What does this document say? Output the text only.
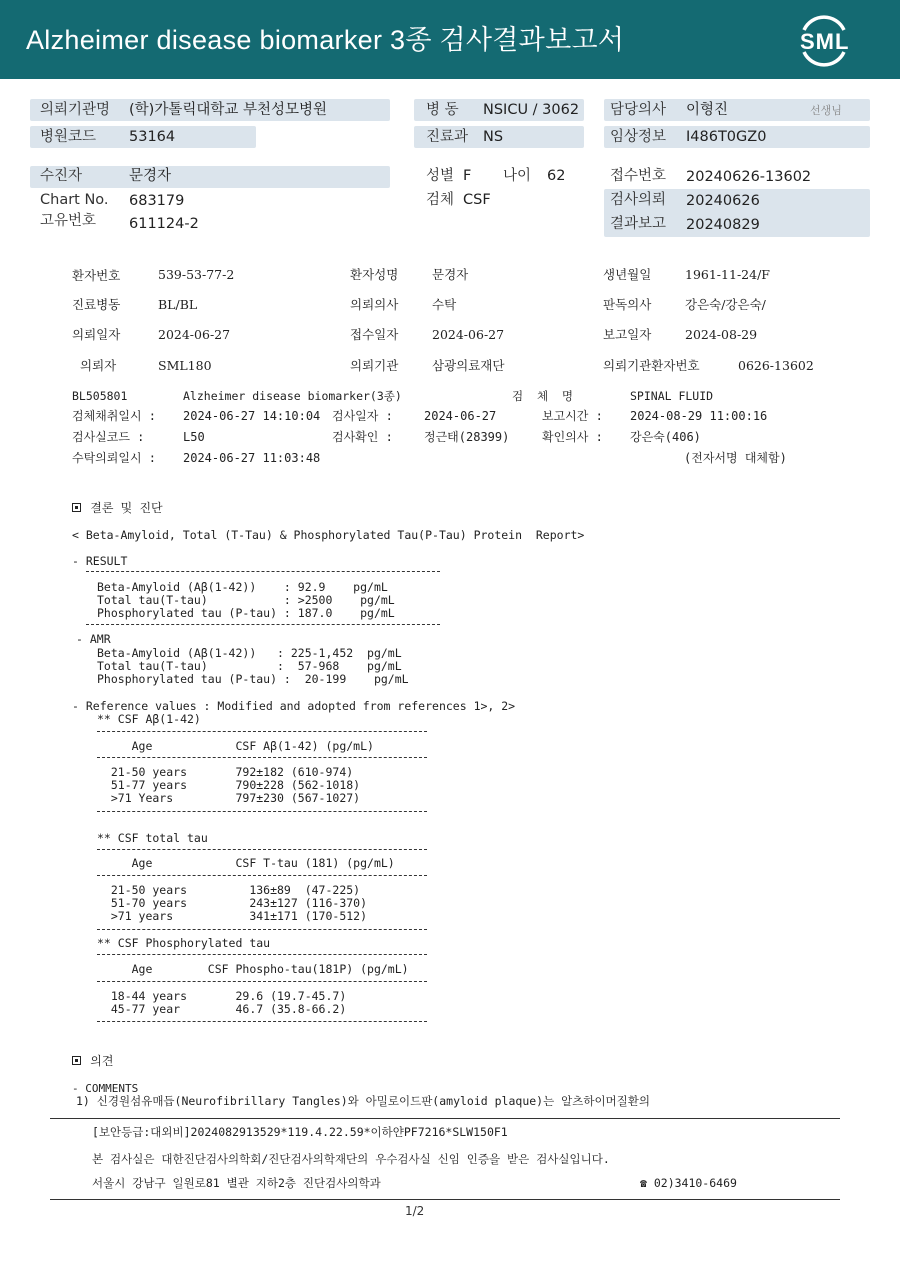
Alzheimer disease biomarker 3종 검사결과보고서	SML
의뢰기관명 (학)가톨릭대학교 부천성모병원
병원코드 53164
병 동 NSICU / 3062
진료과 NS
담당의사 이형진	선생님
임상정보 I486T0GZ0
수진자	문경자
Chart No. 683179
고유번호 611124-2
성별 F 나이 62
검체 CSF
접수번호 20240626-13602
검사의뢰 20240626
결과보고 20240829
환자번호	539-53-77-2	환자성명	문경자	생년월일	1961-11-24/F
진료병동	BL/BL	의뢰의사	수탁	판독의사	강은숙/강은숙/
의뢰일자	2024-06-27	접수일자	2024-06-27	보고일자	2024-08-29
의뢰자	SML180	의뢰기관	삼광의료재단	의뢰기관환자번호	0626-13602
BL505801	Alzheimer disease biomarker(3종)	검  체  명	SPINAL FLUID
검체채취일시 : 2024-06-27 14:10:04 검사일자 :	2024-06-27	보고시간 : 2024-08-29 11:00:16
검사실코드 :	L50	검사확인 :	정근태(28399)	확인의사 : 강은숙(406)
수탁의뢰일시 : 2024-06-27 11:03:48	(전자서명 대체함)
결론 및 진단
< Beta-Amyloid, Total (T-Tau) & Phosphorylated Tau(P-Tau) Protein  Report>
- RESULT
Beta-Amyloid (Aβ(1-42))    : 92.9    pg/mL
Total tau(T-tau)           : >2500    pg/mL
Phosphorylated tau (P-tau) : 187.0    pg/mL
- AMR
Beta-Amyloid (Aβ(1-42))   : 225-1,452  pg/mL
Total tau(T-tau)          :  57-968    pg/mL
Phosphorylated tau (P-tau) :  20-199    pg/mL
- Reference values : Modified and adopted from references 1>, 2>
** CSF Aβ(1-42)
Age            CSF Aβ(1-42) (pg/mL)
21-50 years       792±182 (610-974)
51-77 years       790±228 (562-1018)
>71 Years         797±230 (567-1027)
** CSF total tau
Age            CSF T-tau (181) (pg/mL)
21-50 years         136±89  (47-225)
51-70 years         243±127 (116-370)
>71 years           341±171 (170-512)
** CSF Phosphorylated tau
Age        CSF Phospho-tau(181P) (pg/mL)
18-44 years       29.6 (19.7-45.7)
45-77 year        46.7 (35.8-66.2)
의견
- COMMENTS
1) 신경원섬유매듭(Neurofibrillary Tangles)와 아밀로이드판(amyloid plaque)는 알츠하이머질환의
[보안등급:대외비]2024082913529*119.4.22.59*이하얀PF7216*SLW150F1
본 검사실은 대한진단검사의학회/진단검사의학재단의 우수검사실 신임 인증을 받은 검사실입니다.
서울시 강남구 일원로81 별관 지하2층 진단검사의학과	☎ 02)3410-6469
1/2
